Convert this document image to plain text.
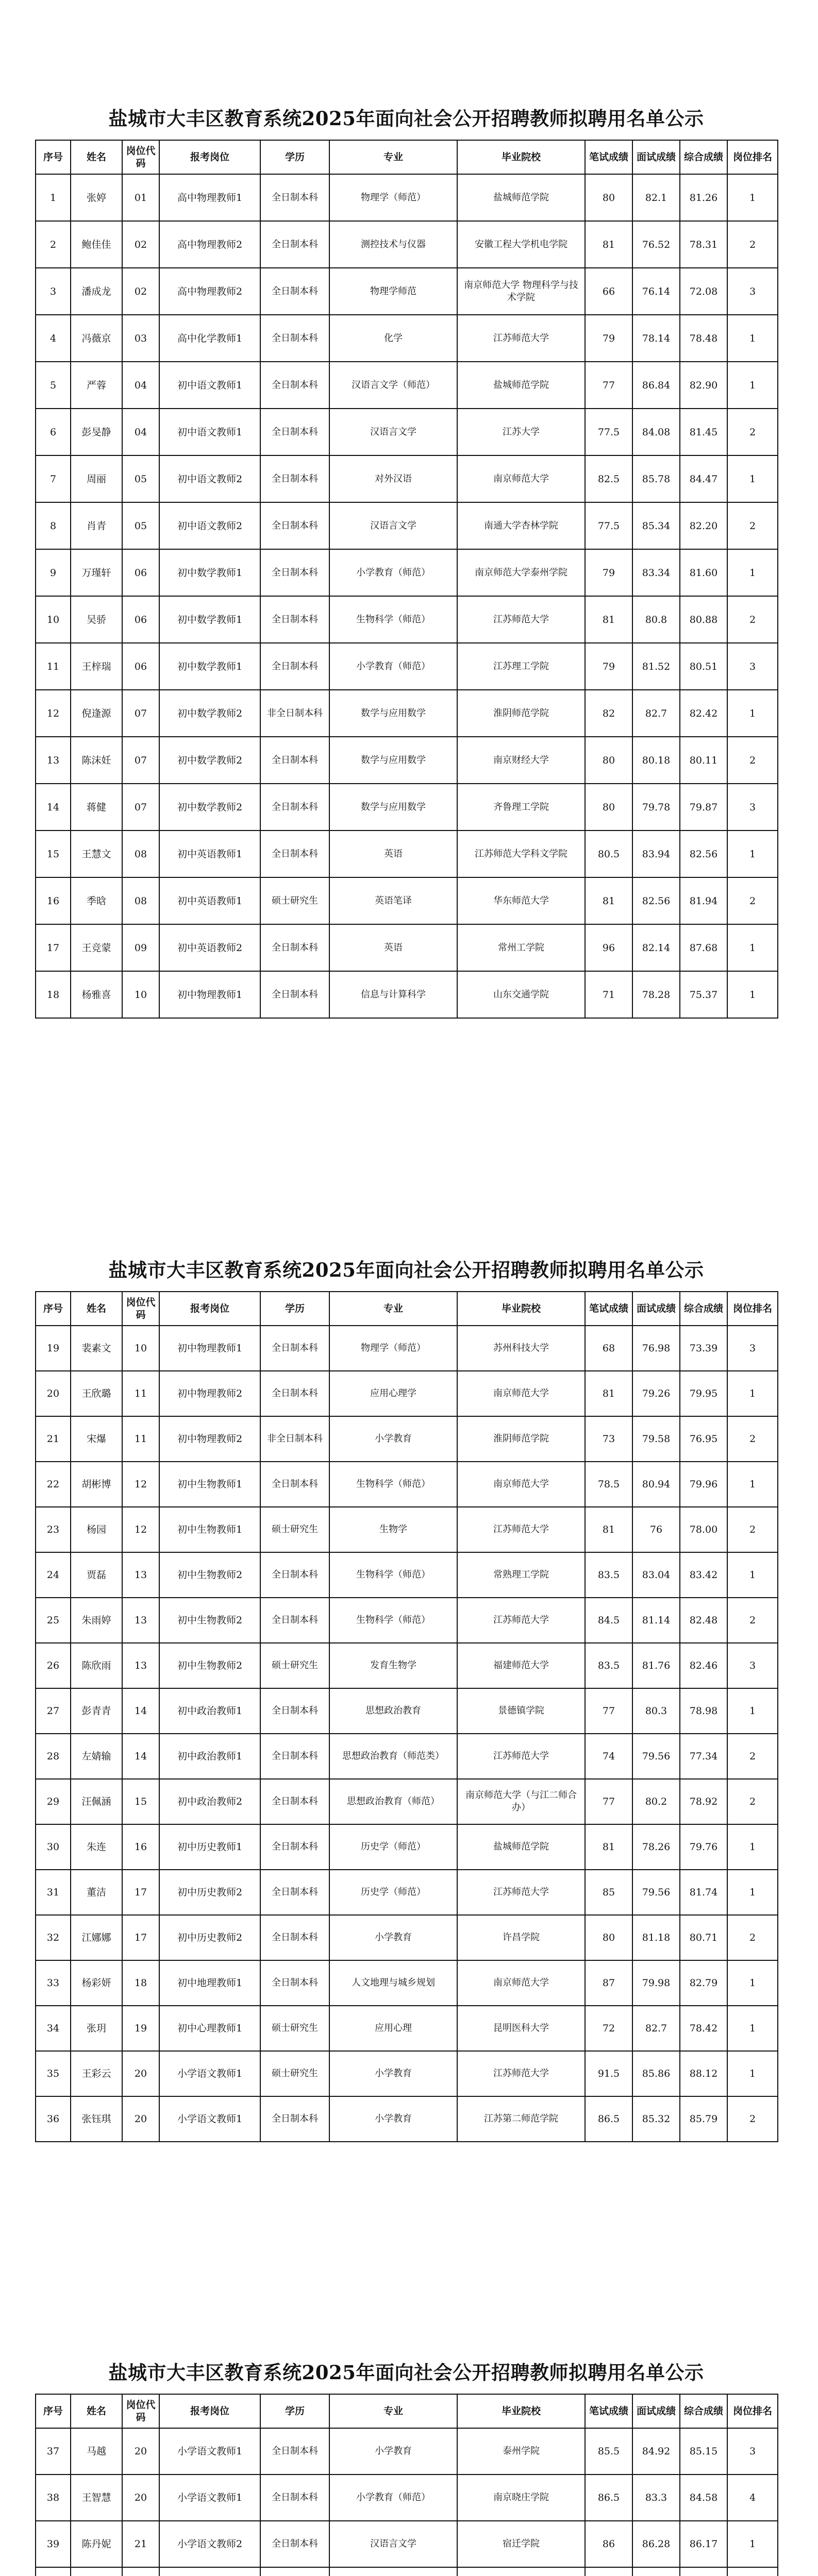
盐城市大丰区教育系统2025年面向社会公开招聘教师拟聘用名单公示
序号	姓名	岗位代码	报考岗位	学历	专业	毕业院校	笔试成绩	面试成绩	综合成绩	岗位排名
1	张婷	01	高中物理教师1	全日制本科	物理学（师范）	盐城师范学院	80	82.1	81.26	1
2	鲍佳佳	02	高中物理教师2	全日制本科	测控技术与仪器	安徽工程大学机电学院	81	76.52	78.31	2
3	潘成龙	02	高中物理教师2	全日制本科	物理学师范	南京师范大学 物理科学与技术学院	66	76.14	72.08	3
4	冯薇京	03	高中化学教师1	全日制本科	化学	江苏师范大学	79	78.14	78.48	1
5	严蓉	04	初中语文教师1	全日制本科	汉语言文学（师范）	盐城师范学院	77	86.84	82.90	1
6	彭旻静	04	初中语文教师1	全日制本科	汉语言文学	江苏大学	77.5	84.08	81.45	2
7	周丽	05	初中语文教师2	全日制本科	对外汉语	南京师范大学	82.5	85.78	84.47	1
8	肖青	05	初中语文教师2	全日制本科	汉语言文学	南通大学杏林学院	77.5	85.34	82.20	2
9	万瑾轩	06	初中数学教师1	全日制本科	小学教育（师范）	南京师范大学泰州学院	79	83.34	81.60	1
10	吴骄	06	初中数学教师1	全日制本科	生物科学（师范）	江苏师范大学	81	80.8	80.88	2
11	王梓瑞	06	初中数学教师1	全日制本科	小学教育（师范）	江苏理工学院	79	81.52	80.51	3
12	倪逢源	07	初中数学教师2	非全日制本科	数学与应用数学	淮阴师范学院	82	82.7	82.42	1
13	陈沫妊	07	初中数学教师2	全日制本科	数学与应用数学	南京财经大学	80	80.18	80.11	2
14	蒋健	07	初中数学教师2	全日制本科	数学与应用数学	齐鲁理工学院	80	79.78	79.87	3
15	王慧文	08	初中英语教师1	全日制本科	英语	江苏师范大学科文学院	80.5	83.94	82.56	1
16	季晗	08	初中英语教师1	硕士研究生	英语笔译	华东师范大学	81	82.56	81.94	2
17	王竞蒙	09	初中英语教师2	全日制本科	英语	常州工学院	96	82.14	87.68	1
18	杨雅喜	10	初中物理教师1	全日制本科	信息与计算科学	山东交通学院	71	78.28	75.37	1
盐城市大丰区教育系统2025年面向社会公开招聘教师拟聘用名单公示
序号	姓名	岗位代码	报考岗位	学历	专业	毕业院校	笔试成绩	面试成绩	综合成绩	岗位排名
19	裴素文	10	初中物理教师1	全日制本科	物理学（师范）	苏州科技大学	68	76.98	73.39	3
20	王欣璐	11	初中物理教师2	全日制本科	应用心理学	南京师范大学	81	79.26	79.95	1
21	宋爆	11	初中物理教师2	非全日制本科	小学教育	淮阴师范学院	73	79.58	76.95	2
22	胡彬博	12	初中生物教师1	全日制本科	生物科学（师范）	南京师范大学	78.5	80.94	79.96	1
23	杨园	12	初中生物教师1	硕士研究生	生物学	江苏师范大学	81	76	78.00	2
24	贾磊	13	初中生物教师2	全日制本科	生物科学（师范）	常熟理工学院	83.5	83.04	83.42	1
25	朱雨婷	13	初中生物教师2	全日制本科	生物科学（师范）	江苏师范大学	84.5	81.14	82.48	2
26	陈欣雨	13	初中生物教师2	硕士研究生	发育生物学	福建师范大学	83.5	81.76	82.46	3
27	彭青青	14	初中政治教师1	全日制本科	思想政治教育	景德镇学院	77	80.3	78.98	1
28	左婧输	14	初中政治教师1	全日制本科	思想政治教育（师范类）	江苏师范大学	74	79.56	77.34	2
29	汪佩涵	15	初中政治教师2	全日制本科	思想政治教育（师范）	南京师范大学（与江二师合办）	77	80.2	78.92	2
30	朱连	16	初中历史教师1	全日制本科	历史学（师范）	盐城师范学院	81	78.26	79.76	1
31	董洁	17	初中历史教师2	全日制本科	历史学（师范）	江苏师范大学	85	79.56	81.74	1
32	江娜娜	17	初中历史教师2	全日制本科	小学教育	许昌学院	80	81.18	80.71	2
33	杨彩妍	18	初中地理教师1	全日制本科	人文地理与城乡规划	南京师范大学	87	79.98	82.79	1
34	张玥	19	初中心理教师1	硕士研究生	应用心理	昆明医科大学	72	82.7	78.42	1
35	王彩云	20	小学语文教师1	硕士研究生	小学教育	江苏师范大学	91.5	85.86	88.12	1
36	张钰琪	20	小学语文教师1	全日制本科	小学教育	江苏第二师范学院	86.5	85.32	85.79	2
盐城市大丰区教育系统2025年面向社会公开招聘教师拟聘用名单公示
序号	姓名	岗位代码	报考岗位	学历	专业	毕业院校	笔试成绩	面试成绩	综合成绩	岗位排名
37	马越	20	小学语文教师1	全日制本科	小学教育	泰州学院	85.5	84.92	85.15	3
38	王智慧	20	小学语文教师1	全日制本科	小学教育（师范）	南京晓庄学院	86.5	83.3	84.58	4
39	陈丹妮	21	小学语文教师2	全日制本科	汉语言文学	宿迁学院	86	86.28	86.17	1
